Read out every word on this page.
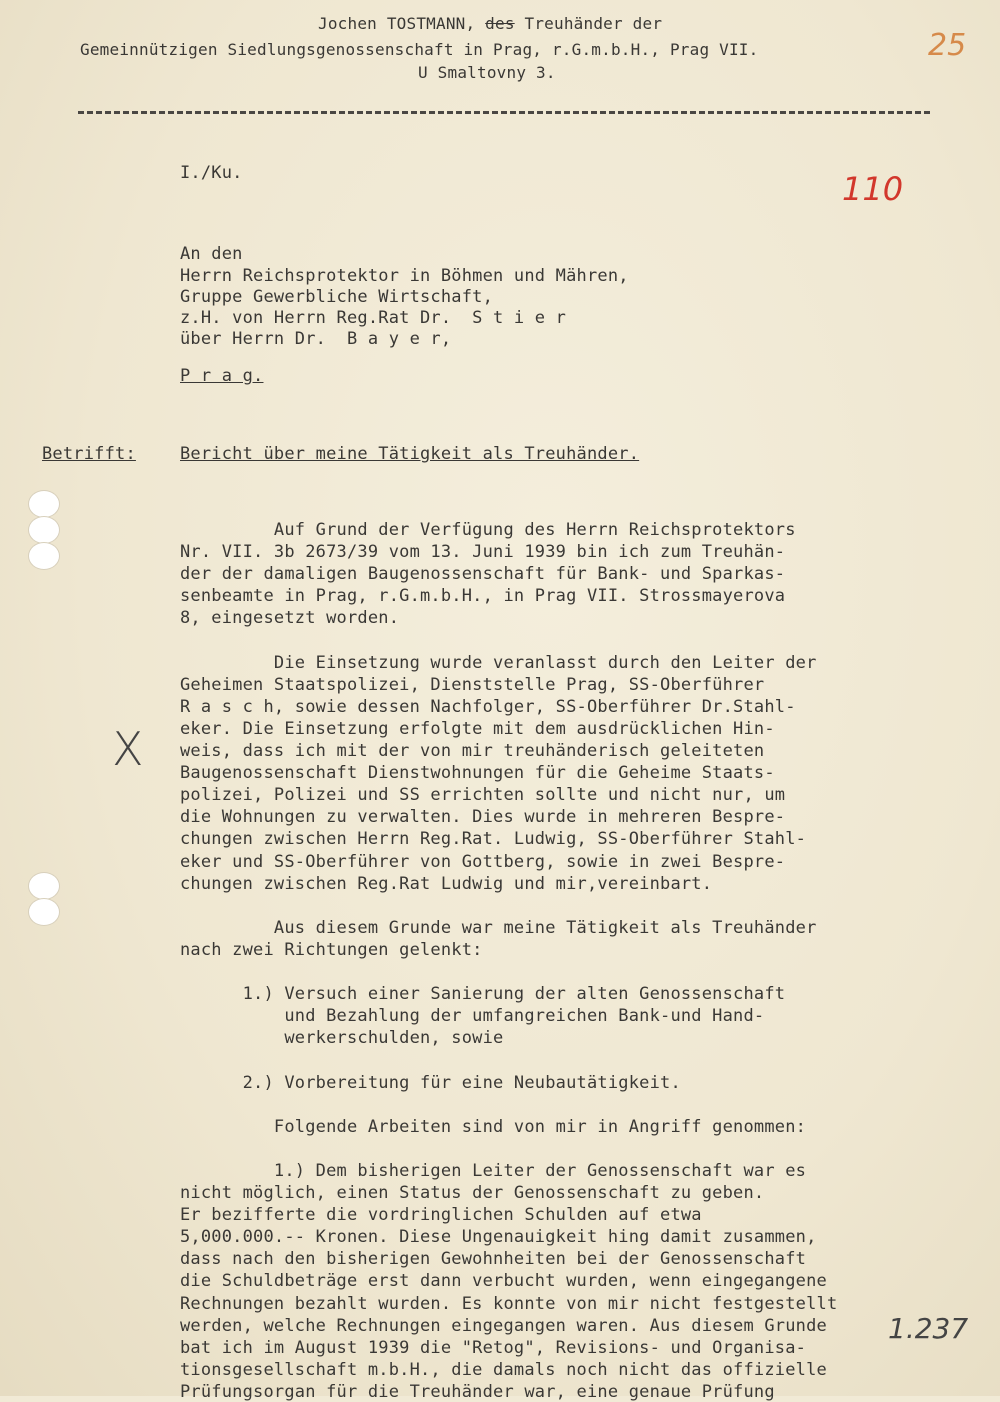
Jochen TOSTMANN, des Treuhänder der
Gemeinnützigen Siedlungsgenossenschaft in Prag, r.G.m.b.H., Prag VII.
U Smaltovny 3.
25
110
I./Ku.
An den
Herrn Reichsprotektor in Böhmen und Mähren,
Gruppe Gewerbliche Wirtschaft,
z.H. von Herrn Reg.Rat Dr.  S t i e r
über Herrn Dr.  B a y e r,
P r a g.
Betrifft:	Bericht über meine Tätigkeit als Treuhänder.
X
Auf Grund der Verfügung des Herrn Reichsprotektors
Nr. VII. 3b 2673/39 vom 13. Juni 1939 bin ich zum Treuhän-
der der damaligen Baugenossenschaft für Bank- und Sparkas-
senbeamte in Prag, r.G.m.b.H., in Prag VII. Strossmayerova
8, eingesetzt worden.
Die Einsetzung wurde veranlasst durch den Leiter der
Geheimen Staatspolizei, Dienststelle Prag, SS-Oberführer
R a s c h, sowie dessen Nachfolger, SS-Oberführer Dr.Stahl-
eker. Die Einsetzung erfolgte mit dem ausdrücklichen Hin-
weis, dass ich mit der von mir treuhänderisch geleiteten
Baugenossenschaft Dienstwohnungen für die Geheime Staats-
polizei, Polizei und SS errichten sollte und nicht nur, um
die Wohnungen zu verwalten. Dies wurde in mehreren Bespre-
chungen zwischen Herrn Reg.Rat. Ludwig, SS-Oberführer Stahl-
eker und SS-Oberführer von Gottberg, sowie in zwei Bespre-
chungen zwischen Reg.Rat Ludwig und mir,vereinbart.
Aus diesem Grunde war meine Tätigkeit als Treuhänder
nach zwei Richtungen gelenkt:
1.) Versuch einer Sanierung der alten Genossenschaft
und Bezahlung der umfangreichen Bank-und Hand-
werkerschulden, sowie
2.) Vorbereitung für eine Neubautätigkeit.
Folgende Arbeiten sind von mir in Angriff genommen:
1.) Dem bisherigen Leiter der Genossenschaft war es
nicht möglich, einen Status der Genossenschaft zu geben.
Er bezifferte die vordringlichen Schulden auf etwa
5,000.000.-- Kronen. Diese Ungenauigkeit hing damit zusammen,
dass nach den bisherigen Gewohnheiten bei der Genossenschaft
die Schuldbeträge erst dann verbucht wurden, wenn eingegangene
Rechnungen bezahlt wurden. Es konnte von mir nicht festgestellt
werden, welche Rechnungen eingegangen waren. Aus diesem Grunde
bat ich im August 1939 die "Retog", Revisions- und Organisa-
tionsgesellschaft m.b.H., die damals noch nicht das offizielle
Prüfungsorgan für die Treuhänder war, eine genaue Prüfung
1.237
